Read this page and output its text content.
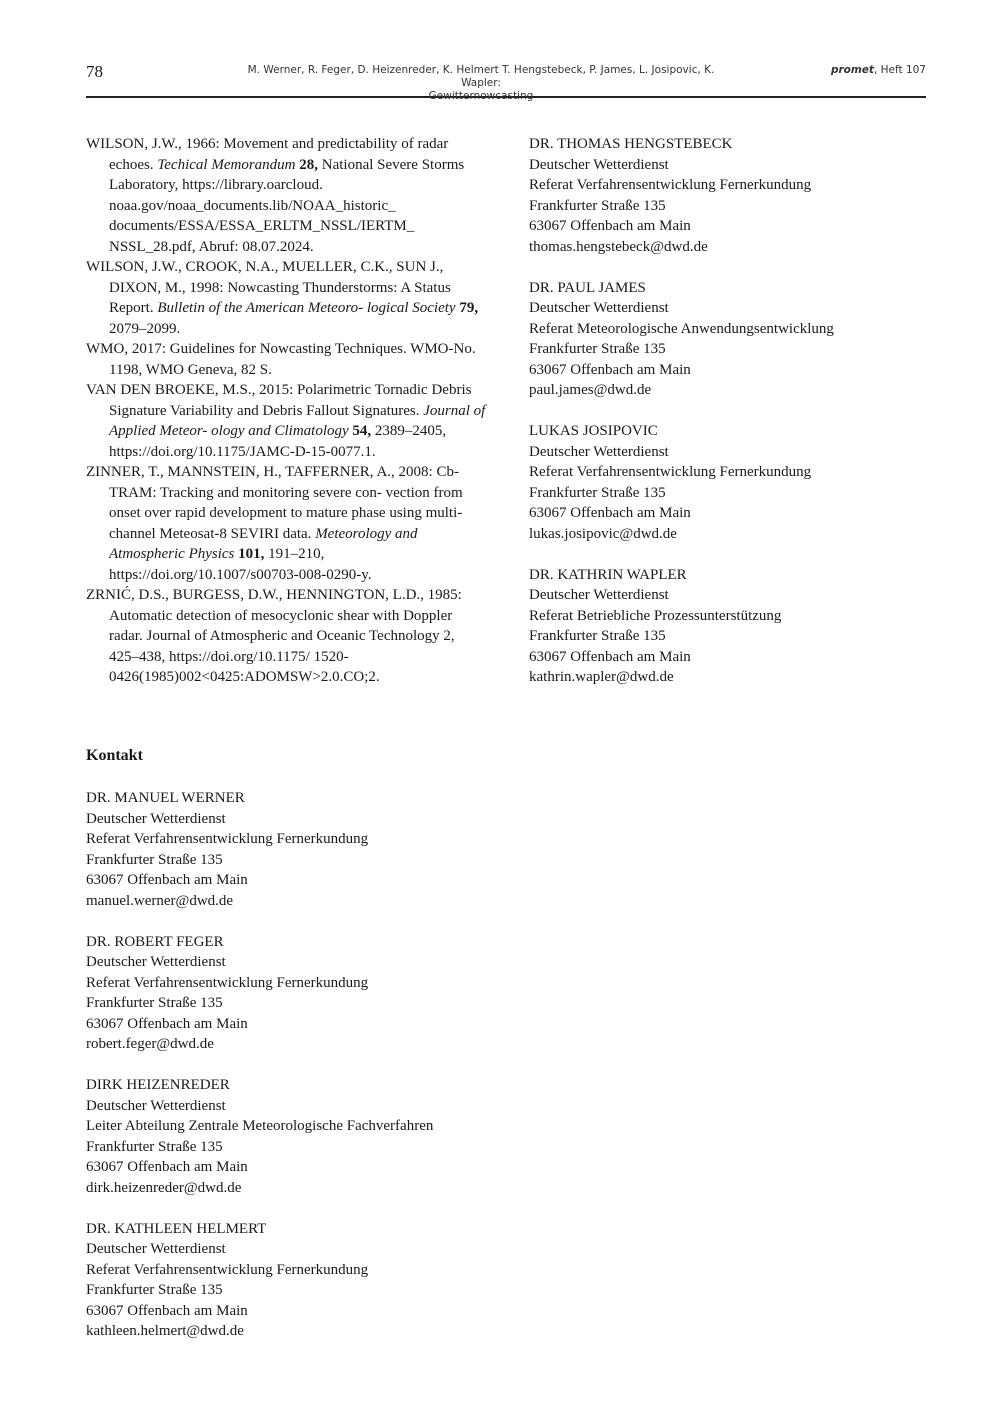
78	M. Werner, R. Feger, D. Heizenreder, K. Helmert T. Hengstebeck, P. James, L. Josipovic, K. Wapler:
Gewitternowcasting
promet, Heft 107

WILSON, J.W., 1966: Movement and predictability of radar echoes. Techical Memorandum 28, National Severe Storms Laboratory, https://library.oarcloud. noaa.gov/noaa_documents.lib/NOAA_historic_ documents/ESSA/ESSA_ERLTM_NSSL/IERTM_ NSSL_28.pdf, Abruf: 08.07.2024.

WILSON, J.W., CROOK, N.A., MUELLER, C.K., SUN J., DIXON, M., 1998: Nowcasting Thunderstorms: A Status Report. Bulletin of the American Meteoro- logical Society 79, 2079–2099.

WMO, 2017: Guidelines for Nowcasting Techniques. WMO-No. 1198, WMO Geneva, 82 S.

VAN DEN BROEKE, M.S., 2015: Polarimetric Tornadic Debris Signature Variability and Debris Fallout Signatures. Journal of Applied Meteor- ology and Climatology 54, 2389–2405, https://doi.org/10.1175/JAMC-D-15-0077.1.

ZINNER, T., MANNSTEIN, H., TAFFERNER, A., 2008: Cb-TRAM: Tracking and monitoring severe con- vection from onset over rapid development to mature phase using multi-channel Meteosat-8 SEVIRI data. Meteorology and Atmospheric Physics 101, 191–210, https://doi.org/10.1007/s00703-008-0290-y.

ZRNIĆ, D.S., BURGESS, D.W., HENNINGTON, L.D., 1985: Automatic detection of mesocyclonic shear with Doppler radar. Journal of Atmospheric and Oceanic Technology 2, 425–438, https://doi.org/10.1175/ 1520-0426(1985)002<0425:ADOMSW>2.0.CO;2.

DR. THOMAS HENGSTEBECK
Deutscher Wetterdienst
Referat Verfahrensentwicklung Fernerkundung
Frankfurter Straße 135
63067 Offenbach am Main
thomas.hengstebeck@dwd.de
DR. PAUL JAMES
Deutscher Wetterdienst
Referat Meteorologische Anwendungsentwicklung
Frankfurter Straße 135
63067 Offenbach am Main
paul.james@dwd.de
LUKAS JOSIPOVIC
Deutscher Wetterdienst
Referat Verfahrensentwicklung Fernerkundung
Frankfurter Straße 135
63067 Offenbach am Main
lukas.josipovic@dwd.de
DR. KATHRIN WAPLER
Deutscher Wetterdienst
Referat Betriebliche Prozessunterstützung
Frankfurter Straße 135
63067 Offenbach am Main
kathrin.wapler@dwd.de
Kontakt
DR. MANUEL WERNER
Deutscher Wetterdienst
Referat Verfahrensentwicklung Fernerkundung
Frankfurter Straße 135
63067 Offenbach am Main
manuel.werner@dwd.de
DR. ROBERT FEGER
Deutscher Wetterdienst
Referat Verfahrensentwicklung Fernerkundung
Frankfurter Straße 135
63067 Offenbach am Main
robert.feger@dwd.de
DIRK HEIZENREDER
Deutscher Wetterdienst
Leiter Abteilung Zentrale Meteorologische Fachverfahren
Frankfurter Straße 135
63067 Offenbach am Main
dirk.heizenreder@dwd.de
DR. KATHLEEN HELMERT
Deutscher Wetterdienst
Referat Verfahrensentwicklung Fernerkundung
Frankfurter Straße 135
63067 Offenbach am Main
kathleen.helmert@dwd.de
